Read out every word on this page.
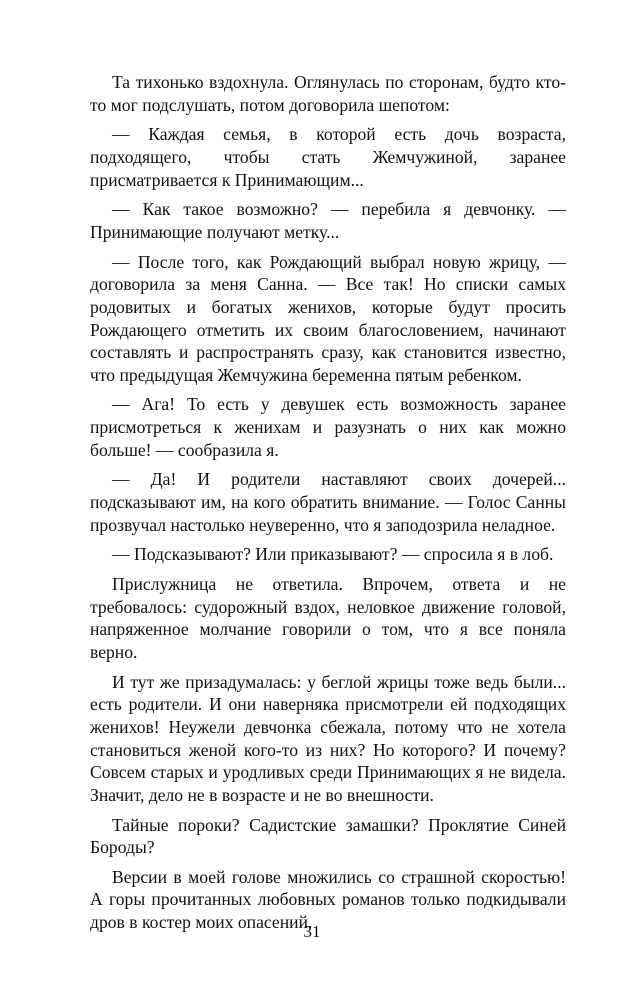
Та тихонько вздохнула. Оглянулась по сторонам, будто кто-то мог подслушать, потом договорила шепотом:

— Каждая семья, в которой есть дочь возраста, подходящего, чтобы стать Жемчужиной, заранее присматривается к Принимающим...

— Как такое возможно? — перебила я девчонку. — Принимающие получают метку...

— После того, как Рождающий выбрал новую жрицу, — договорила за меня Санна. — Все так! Но списки самых родовитых и богатых женихов, которые будут просить Рождающего отметить их своим благословением, начинают составлять и распространять сразу, как становится известно, что предыдущая Жемчужина беременна пятым ребенком.

— Ага! То есть у девушек есть возможность заранее присмотреться к женихам и разузнать о них как можно больше! — сообразила я.

— Да! И родители наставляют своих дочерей... подсказывают им, на кого обратить внимание. — Голос Санны прозвучал настолько неуверенно, что я заподозрила неладное.

— Подсказывают? Или приказывают? — спросила я в лоб.

Прислужница не ответила. Впрочем, ответа и не требовалось: судорожный вздох, неловкое движение головой, напряженное молчание говорили о том, что я все поняла верно.

И тут же призадумалась: у беглой жрицы тоже ведь были... есть родители. И они наверняка присмотрели ей подходящих женихов! Неужели девчонка сбежала, потому что не хотела становиться женой кого-то из них? Но которого? И почему? Совсем старых и уродливых среди Принимающих я не видела. Значит, дело не в возрасте и не во внешности.

Тайные пороки? Садистские замашки? Проклятие Синей Бороды?

Версии в моей голове множились со страшной скоростью! А горы прочитанных любовных романов только подкидывали дров в костер моих опасений.

31
